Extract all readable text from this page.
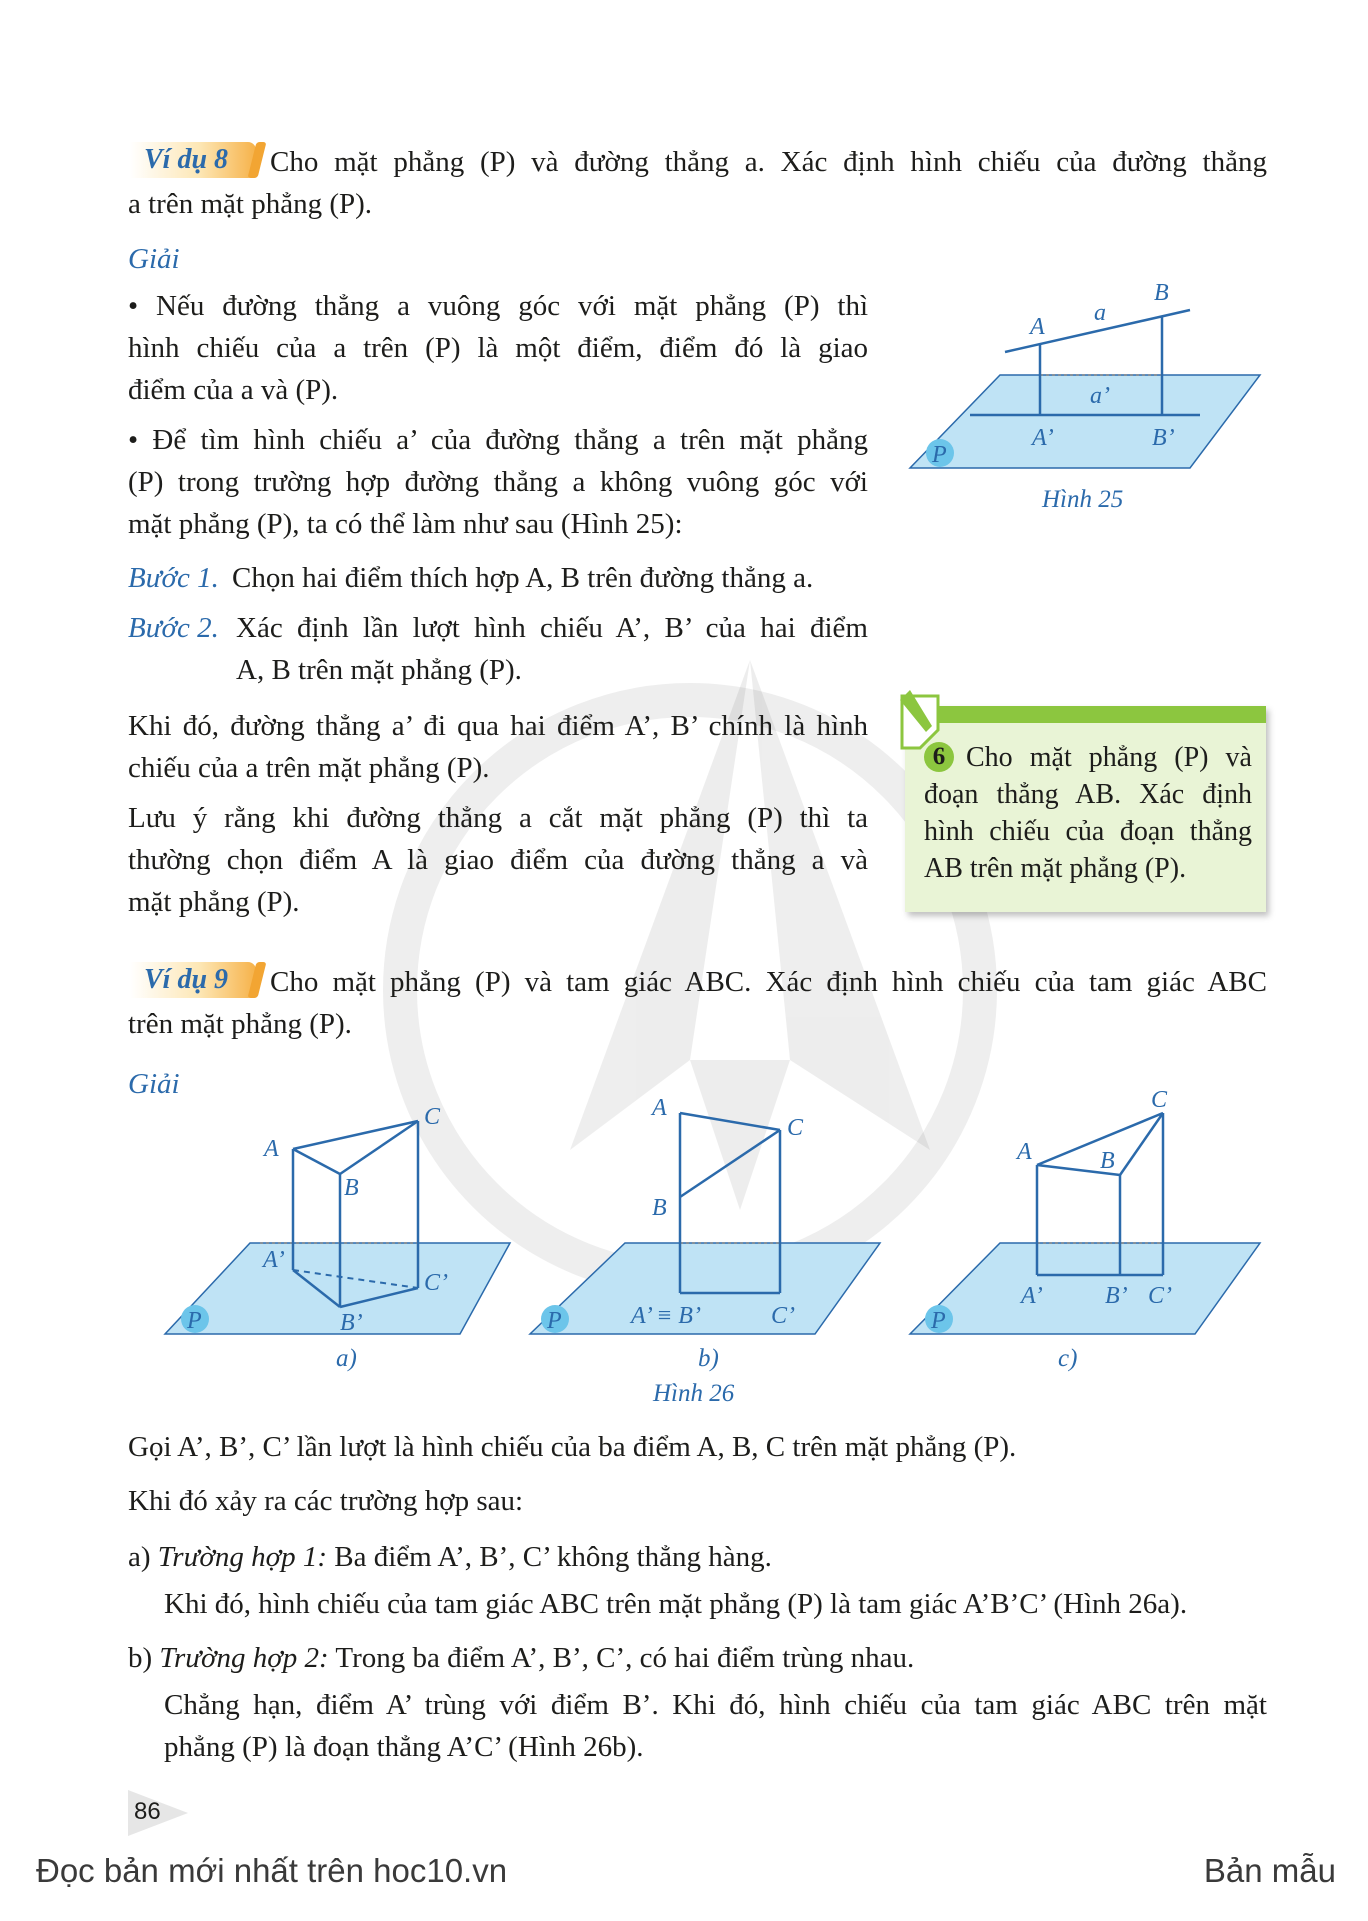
Ví dụ 8	Cho mặt phẳng (P) và đường thẳng a. Xác định hình chiếu của đường thẳng
a trên mặt phẳng (P).
Giải
• Nếu đường thẳng a vuông góc với mặt phẳng (P) thì
hình chiếu của a trên (P) là một điểm, điểm đó là giao
điểm của a và (P).
• Để tìm hình chiếu a’ của đường thẳng a trên mặt phẳng
(P) trong trường hợp đường thẳng a không vuông góc với
mặt phẳng (P), ta có thể làm như sau (Hình 25):
Bước 1. Chọn hai điểm thích hợp A, B trên đường thẳng a.
Bước 2. Xác định lần lượt hình chiếu A’, B’ của hai điểm
A, B trên mặt phẳng (P).
Khi đó, đường thẳng a’ đi qua hai điểm A’, B’ chính là hình
chiếu của a trên mặt phẳng (P).
Lưu ý rằng khi đường thẳng a cắt mặt phẳng (P) thì ta
thường chọn điểm A là giao điểm của đường thẳng a và
mặt phẳng (P).
A
B
a
a’
A’	B’
P
Hình 25
6 Cho mặt phẳng (P) và
đoạn thẳng AB. Xác định
hình chiếu của đoạn thẳng
AB trên mặt phẳng (P).
Ví dụ 9	Cho mặt phẳng (P) và tam giác ABC. Xác định hình chiếu của tam giác ABC
trên mặt phẳng (P).
Giải
A
B
C
A’
C’
B’
P
A
C
B
A’ ≡ B’	C’
P
A	B
C
A’	B’ C’
P
a)	b)	c)
Hình 26
Gọi A’, B’, C’ lần lượt là hình chiếu của ba điểm A, B, C trên mặt phẳng (P).
Khi đó xảy ra các trường hợp sau:
a) Trường hợp 1: Ba điểm A’, B’, C’ không thẳng hàng.
Khi đó, hình chiếu của tam giác ABC trên mặt phẳng (P) là tam giác A’B’C’ (Hình 26a).
b) Trường hợp 2: Trong ba điểm A’, B’, C’, có hai điểm trùng nhau.
Chẳng hạn, điểm A’ trùng với điểm B’. Khi đó, hình chiếu của tam giác ABC trên mặt
phẳng (P) là đoạn thẳng A’C’ (Hình 26b).
86
Đọc bản mới nhất trên hoc10.vn	Bản mẫu
